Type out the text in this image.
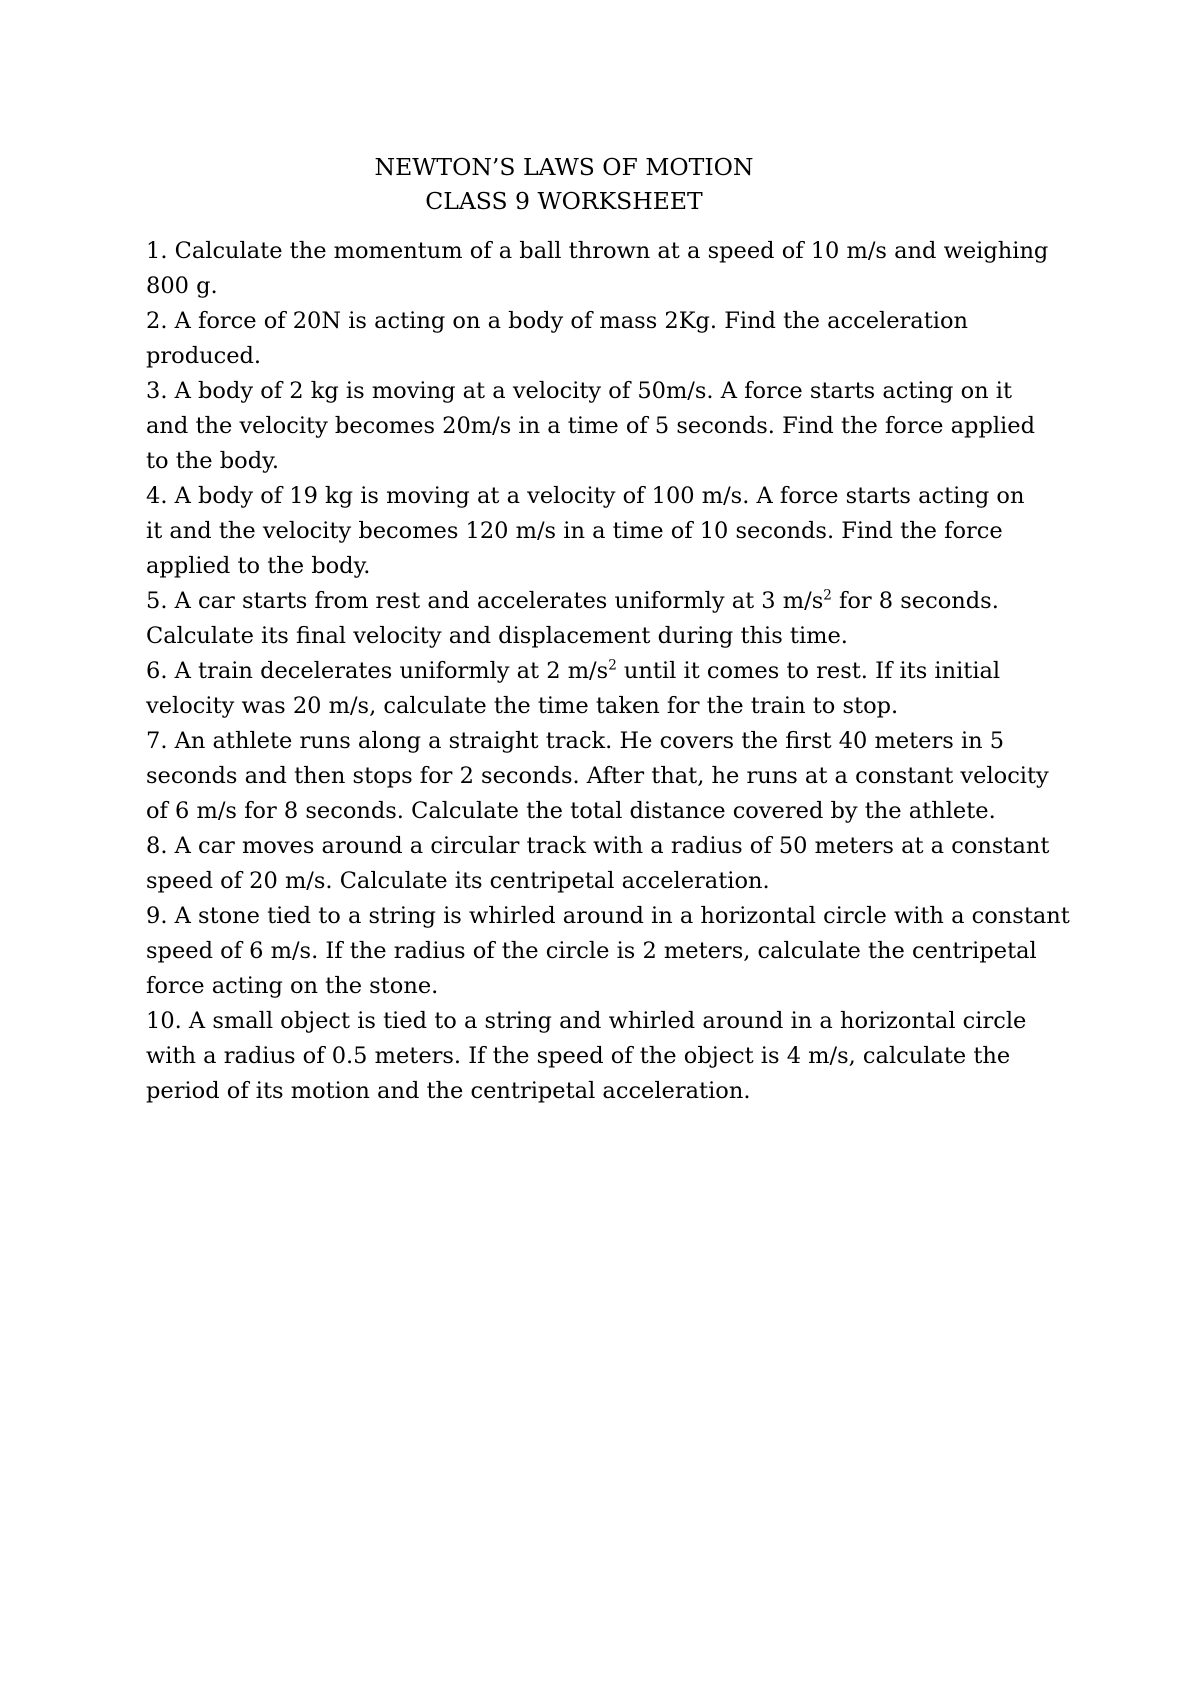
NEWTON’S LAWS OF MOTION
CLASS 9 WORKSHEET
1. Calculate the momentum of a ball thrown at a speed of 10 m/s and weighing
800 g.
2. A force of 20N is acting on a body of mass 2Kg. Find the acceleration
produced.
3. A body of 2 kg is moving at a velocity of 50m/s. A force starts acting on it
and the velocity becomes 20m/s in a time of 5 seconds. Find the force applied
to the body.
4. A body of 19 kg is moving at a velocity of 100 m/s. A force starts acting on
it and the velocity becomes 120 m/s in a time of 10 seconds. Find the force
applied to the body.
5. A car starts from rest and accelerates uniformly at 3 $m/s^2$ for 8 seconds.
Calculate its final velocity and displacement during this time.
6. A train decelerates uniformly at 2 $m/s^2$ until it comes to rest. If its initial
velocity was 20 m/s, calculate the time taken for the train to stop.
7. An athlete runs along a straight track. He covers the first 40 meters in 5
seconds and then stops for 2 seconds. After that, he runs at a constant velocity
of 6 m/s for 8 seconds. Calculate the total distance covered by the athlete.
8. A car moves around a circular track with a radius of 50 meters at a constant
speed of 20 m/s. Calculate its centripetal acceleration.
9. A stone tied to a string is whirled around in a horizontal circle with a constant
speed of 6 m/s. If the radius of the circle is 2 meters, calculate the centripetal
force acting on the stone.
10. A small object is tied to a string and whirled around in a horizontal circle
with a radius of 0.5 meters. If the speed of the object is 4 m/s, calculate the
period of its motion and the centripetal acceleration.
